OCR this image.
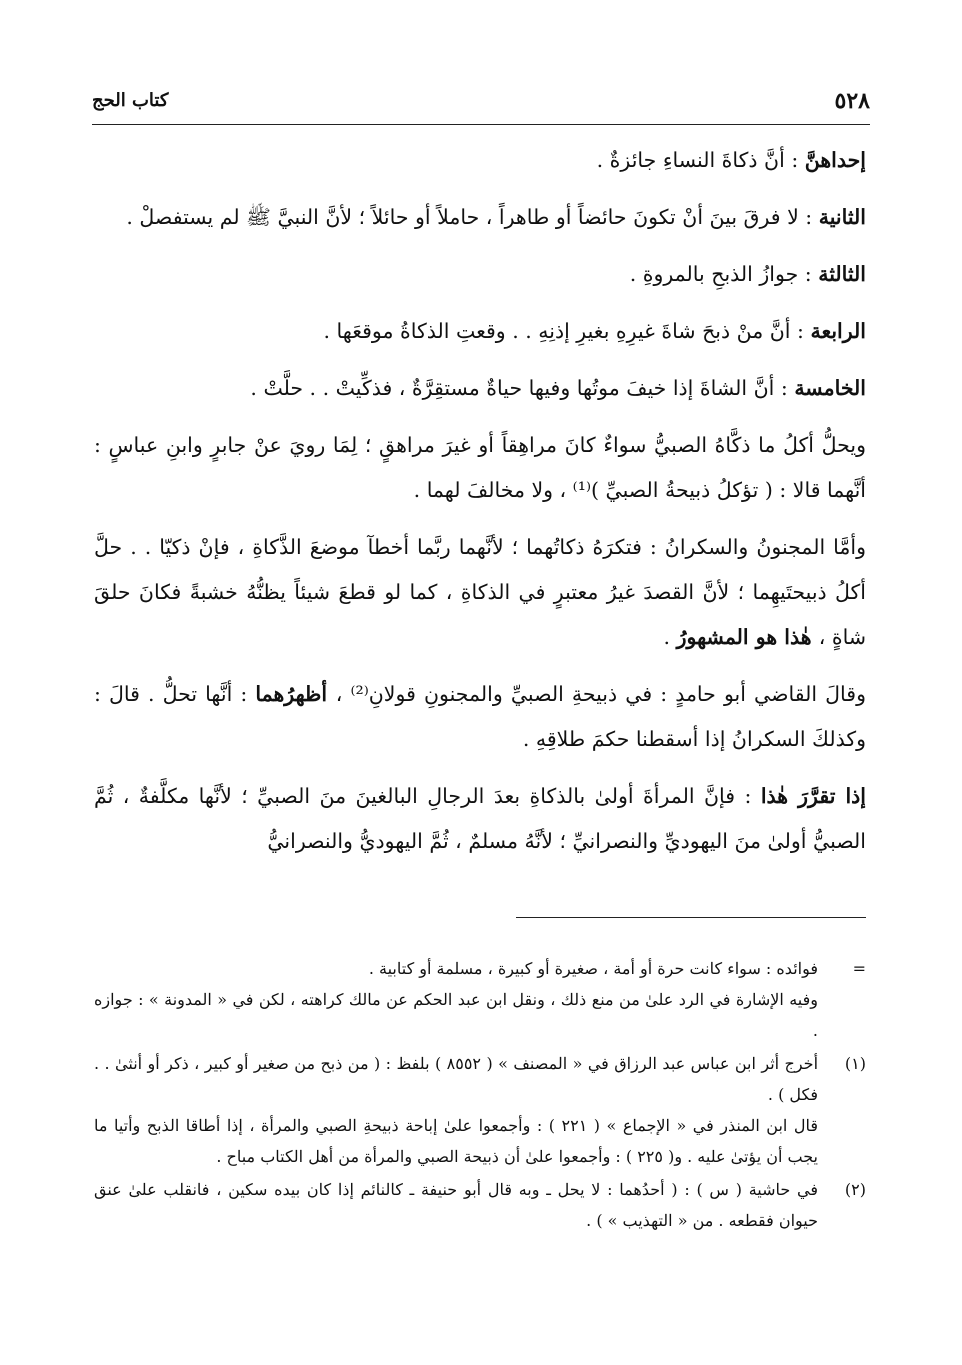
٥٢٨
كتاب الحج

إحداهنَّ : أنَّ ذكاةَ النساءِ جائزةٌ .

الثانية : لا فرقَ بينَ أنْ تكونَ حائضاً أو طاهراً ، حاملاً أو حائلاً ؛ لأنَّ النبيَّ ﷺ لم يستفصلْ .

الثالثة : جوازُ الذبحِ بالمروةِ .

الرابعة : أنَّ منْ ذبحَ شاةَ غيرِهِ بغيرِ إذنِهِ . . وقعتِ الذكاةُ موقعَها .

الخامسة : أنَّ الشاةَ إذا خيفَ موتُها وفيها حياةٌ مستقِرَّةٌ ، فذكِّيتْ . . حلَّتْ .

ويحلُّ أكلُ ما ذكَّاهُ الصبيُّ سواءٌ كانَ مراهِقاً أو غيرَ مراهقٍ ؛ لِمَا رويَ عنْ جابرٍ وابنِ عباسٍ : أنَّهما قالا : ( تؤكلُ ذبيحةُ الصبيِّ )⁽¹⁾ ، ولا مخالفَ لهما .

وأمَّا المجنونُ والسكرانُ : فتكرَهُ ذكاتُهما ؛ لأنَّهما ربَّما أخطآ موضعَ الذَّكاةِ ، فإنْ ذكيّا . . حلَّ أكلُ ذبيحتَيهِما ؛ لأنَّ القصدَ غيرُ معتبرٍ في الذكاةِ ، كما لو قطعَ شيئاً يظنُّهُ خشبةً فكانَ حلقَ شاةٍ ، هٰذا هو المشهورُ .

وقالَ القاضي أبو حامدٍ : في ذبيحةِ الصبيِّ والمجنونِ قولانِ⁽²⁾ ، أظهرُهما : أنَّها تحلُّ . قالَ : وكذلكَ السكرانُ إذا أسقطنا حكمَ طلاقِهِ .

إذا تقرَّرَ هٰذا : فإنَّ المرأةَ أولىٰ بالذكاةِ بعدَ الرجالِ البالغينَ منَ الصبيِّ ؛ لأنَّها مكلَّفةٌ ، ثُمَّ الصبيُّ أولىٰ منَ اليهوديِّ والنصرانيِّ ؛ لأنَّهُ مسلمٌ ، ثُمَّ اليهوديُّ والنصرانيُّ

=
فوائده : سواء كانت حرة أو أمة ، صغيرة أو كبيرة ، مسلمة أو كتابية .
وفيه الإشارة في الرد علىٰ من منع ذلك ، ونقل ابن عبد الحكم عن مالك كراهته ، لكن في « المدونة » : جوازه .
(١)
أخرج أثر ابن عباس عبد الرزاق في « المصنف » ( ٨٥٥٢ ) بلفظ : ( من ذبح من صغير أو كبير ، ذكر أو أنثىٰ . . فكل ) .
قال ابن المنذر في « الإجماع » ( ٢٢١ ) : وأجمعوا علىٰ إباحة ذبيحةِ الصبي والمرأة ، إذا أطاقا الذبح وأتيا ما يجب أن يؤتىٰ عليه . و( ٢٢٥ ) : وأجمعوا علىٰ أن ذبيحة الصبي والمرأة من أهل الكتاب مباح .
(٢)
في حاشية ( س ) : ( أحدُهما : لا يحل ـ وبه قال أبو حنيفة ـ كالنائم إذا كان بيده سكين ، فانقلب علىٰ عنق حيوان فقطعه . من « التهذيب » ) .
